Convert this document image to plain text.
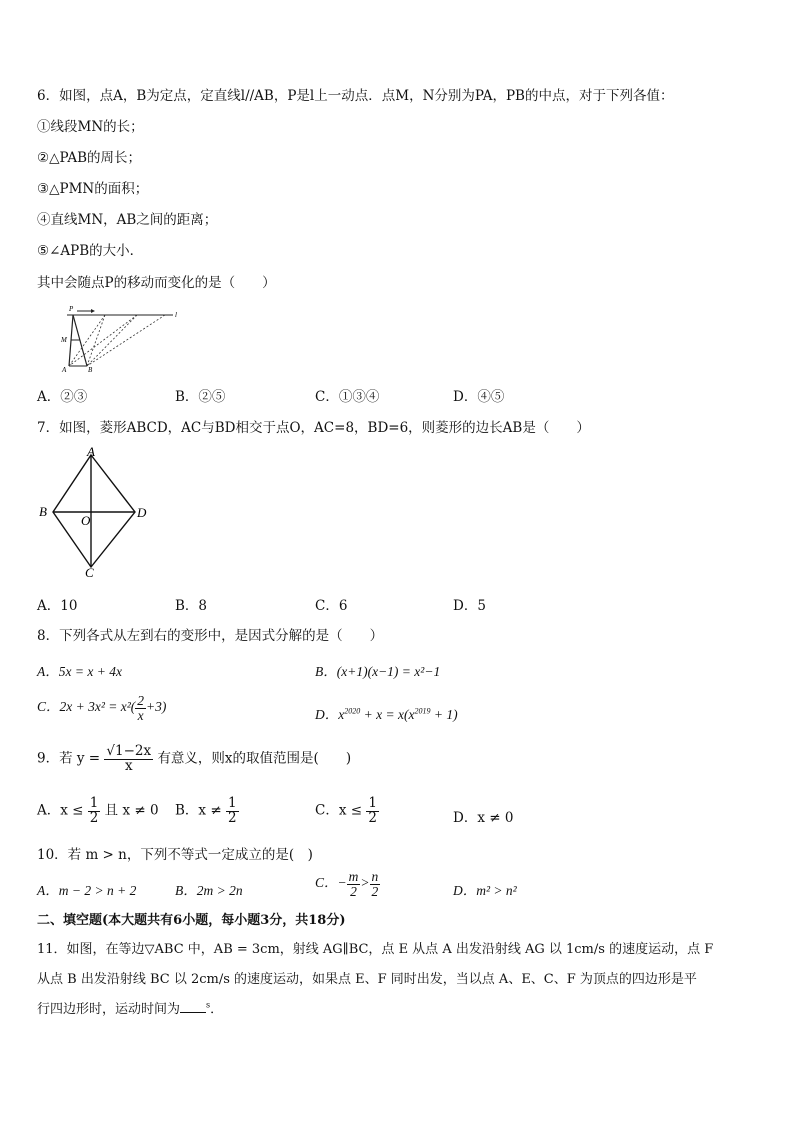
6．如图，点A，B为定点，定直线l//AB，P是l上一动点．点M，N分别为PA，PB的中点，对于下列各值：
①线段MN的长；
②△PAB的周长；
③△PMN的面积；
④直线MN，AB之间的距离；
⑤∠APB的大小．
其中会随点P的移动而变化的是（　　）
P
M
A	B
l
A．②③	B．②⑤	C．①③④	D．④⑤
7．如图，菱形ABCD，AC与BD相交于点O，AC=8，BD=6，则菱形的边长AB是（　　）
A
B	D
O
C
A．10	B．8	C．6	D．5
8．下列各式从左到右的变形中，是因式分解的是（　　）
A．5x = x + 4x	B．(x+1)(x−1) = x²−1
C．$2x + 3x^2 = x^2( \frac{2}{x} +3)$
D．$x^{2020} + x = x(x^{2019} + 1)$
9．若 $y = \frac{√1-2x}{x}$ 有意义，则x的取值范围是(　　)
A．$x \le \frac{1}{2}$ 且 x ≠ 0 B．$x \ne \frac{1}{2}$	C．$x \le \frac{1}{2}$	D．x ≠ 0
10．若 m > n，下列不等式一定成立的是(　)
A．m − 2 > n + 2	B．2m > 2n
C．− $\frac{m}{2} > \frac{n}{2}$	D．m² > n²
二、填空题(本大题共有6小题，每小题3分，共18分)
11．如图，在等边▽ABC 中，AB = 3cm，射线 AG∥BC，点 E 从点 A 出发沿射线 AG 以 1cm/s 的速度运动，点 F
从点 B 出发沿射线 BC 以 2cm/s 的速度运动，如果点 E、F 同时出发，当以点 A、E、C、F 为顶点的四边形是平
行四边形时，运动时间为	$^s$．
